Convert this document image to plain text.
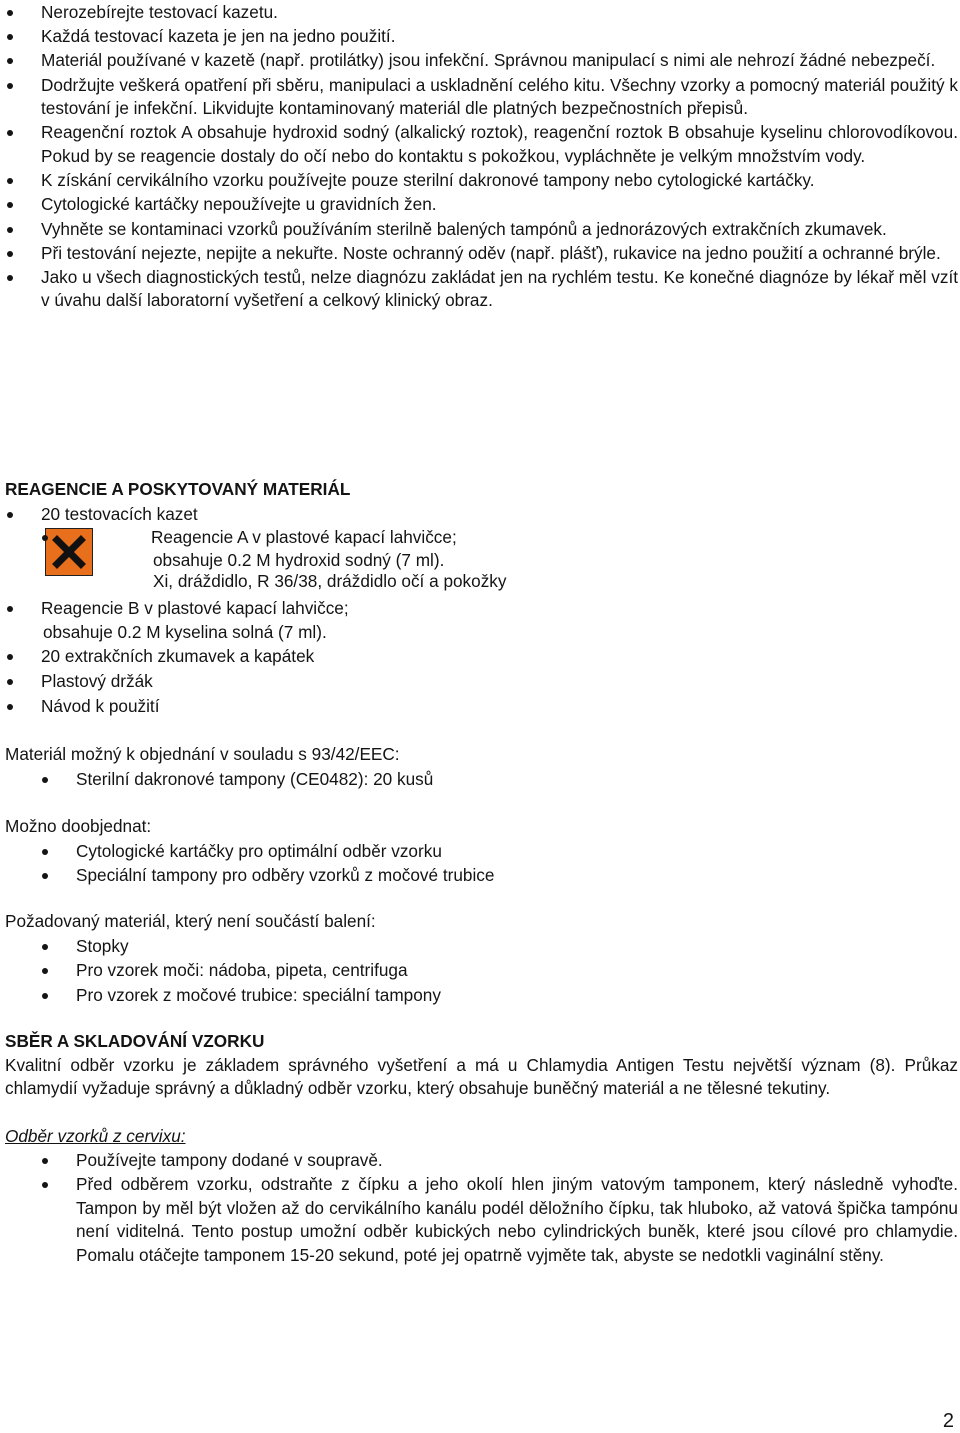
Nerozebírejte testovací kazetu.
Každá testovací kazeta je jen na jedno použití.
Materiál používané v kazetě (např. protilátky) jsou infekční. Správnou manipulací s nimi ale nehrozí žádné nebezpečí.
Dodržujte veškerá opatření při sběru, manipulaci a uskladnění celého kitu. Všechny vzorky a pomocný materiál použitý k testování je infekční. Likvidujte kontaminovaný materiál dle platných bezpečnostních přepisů.
Reagenční roztok A obsahuje hydroxid sodný (alkalický roztok), reagenční roztok B obsahuje kyselinu chlorovodíkovou. Pokud by se reagencie dostaly do očí nebo do kontaktu s pokožkou, vypláchněte je velkým množstvím vody.
K získání cervikálního vzorku používejte pouze sterilní dakronové tampony nebo cytologické kartáčky.
Cytologické kartáčky nepoužívejte u gravidních žen.
Vyhněte se kontaminaci vzorků používáním sterilně balených tampónů a jednorázových extrakčních zkumavek.
Při testování nejezte, nepijte a nekuřte. Noste ochranný oděv (např. plášť), rukavice na jedno použití a ochranné brýle.
Jako u všech diagnostických testů, nelze diagnózu zakládat jen na rychlém testu. Ke konečné diagnóze by lékař měl vzít v úvahu další laboratorní vyšetření a celkový klinický obraz.
REAGENCIE A POSKYTOVANÝ MATERIÁL
20 testovacích kazet
Reagencie A v plastové kapací lahvičce;
obsahuje 0.2 M hydroxid sodný (7 ml).
Xi, dráždidlo, R 36/38, dráždidlo očí a pokožky
Reagencie B v plastové kapací lahvičce;
obsahuje 0.2 M kyselina solná (7 ml).
20 extrakčních zkumavek a kapátek
Plastový držák
Návod k použití

Materiál možný k objednání v souladu s 93/42/EEC:

Sterilní dakronové tampony (CE0482): 20 kusů

Možno doobjednat:

Cytologické kartáčky pro optimální odběr vzorku
Speciální tampony pro odběry vzorků z močové trubice

Požadovaný materiál, který není součástí balení:

Stopky
Pro vzorek moči: nádoba, pipeta, centrifuga
Pro vzorek z močové trubice: speciální tampony
SBĚR A SKLADOVÁNÍ VZORKU

Kvalitní odběr vzorku je základem správného vyšetření a má u Chlamydia Antigen Testu největší význam (8). Průkaz chlamydií vyžaduje správný a důkladný odběr vzorku, který obsahuje buněčný materiál a ne tělesné tekutiny.

Odběr vzorků z cervixu:

Používejte tampony dodané v soupravě.
Před odběrem vzorku, odstraňte z čípku a jeho okolí hlen jiným vatovým tamponem, který následně vyhoďte. Tampon by měl být vložen až do cervikálního kanálu podél děložního čípku, tak hluboko, až vatová špička tampónu není viditelná. Tento postup umožní odběr kubických nebo cylindrických buněk, které jsou cílové pro chlamydie. Pomalu otáčejte tamponem 15-20 sekund, poté jej opatrně vyjměte tak, abyste se nedotkli vaginální stěny.
2
